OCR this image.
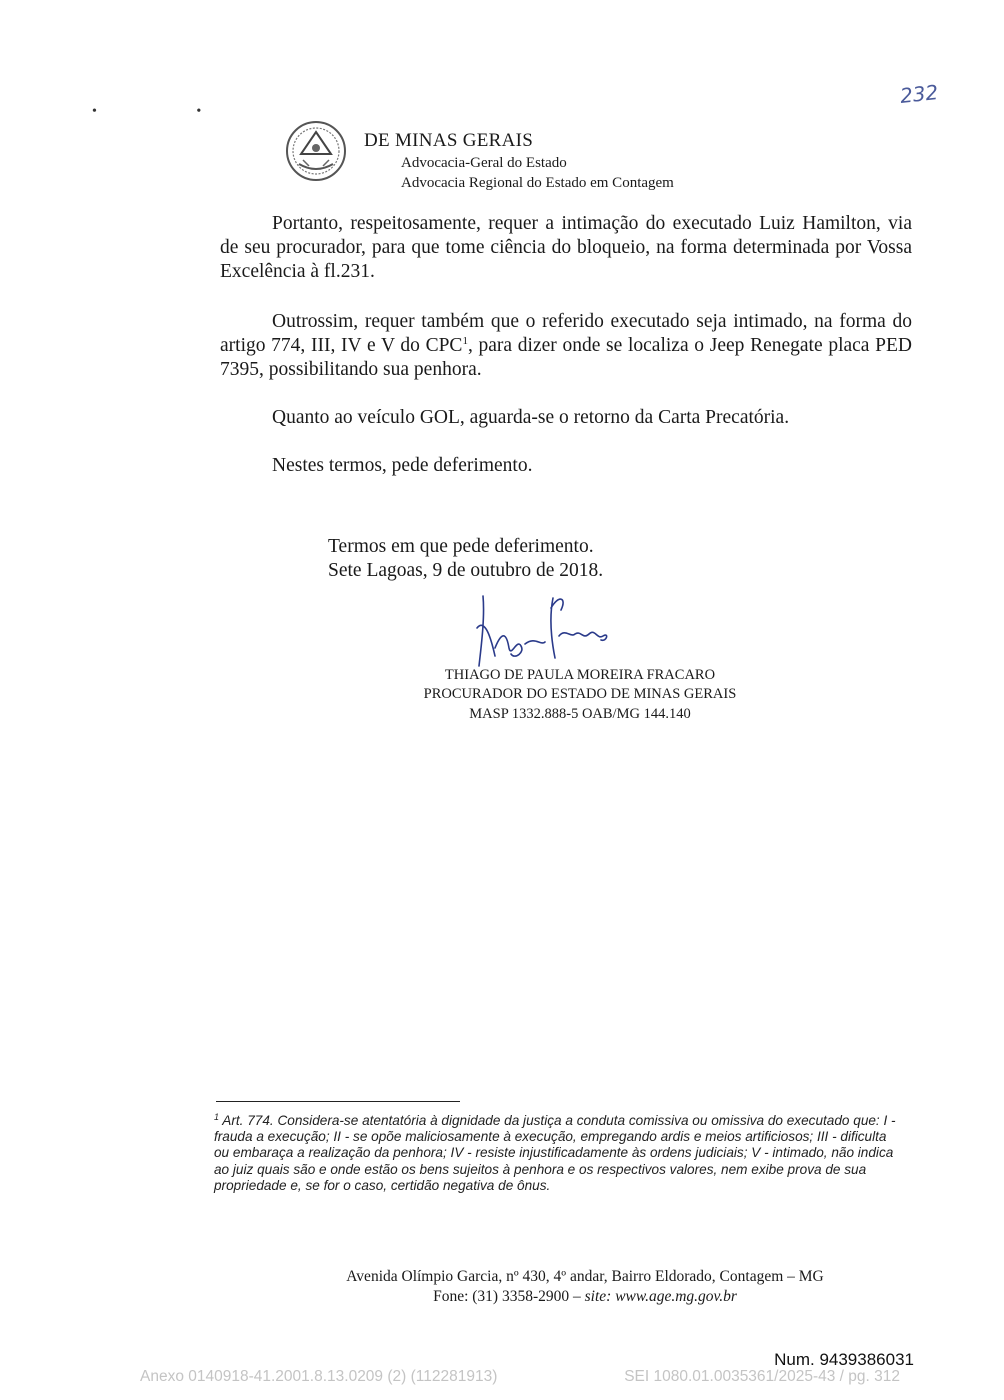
• •
232
DE MINAS GERAIS
Advocacia-Geral do Estado
Advocacia Regional do Estado em Contagem
Portanto, respeitosamente, requer a intimação do executado Luiz Hamilton, via de seu procurador, para que tome ciência do bloqueio, na forma determinada por Vossa Excelência à fl.231.
Outrossim, requer também que o referido executado seja intimado, na forma do artigo 774, III, IV e V do CPC$^1$, para dizer onde se localiza o Jeep Renegate placa PED 7395, possibilitando sua penhora.
Quanto ao veículo GOL, aguarda-se o retorno da Carta Precatória.
Nestes termos, pede deferimento.
Termos em que pede deferimento.
Sete Lagoas, 9 de outubro de 2018.
THIAGO DE PAULA MOREIRA FRACARO
PROCURADOR DO ESTADO DE MINAS GERAIS
MASP 1332.888-5 OAB/MG 144.140
$^1$ Art. 774. Considera-se atentatória à dignidade da justiça a conduta comissiva ou omissiva do executado que: I - frauda a execução; II - se opõe maliciosamente à execução, empregando ardis e meios artificiosos; III - dificulta ou embaraça a realização da penhora; IV - resiste injustificadamente às ordens judiciais; V - intimado, não indica ao juiz quais são e onde estão os bens sujeitos à penhora e os respectivos valores, nem exibe prova de sua propriedade e, se for o caso, certidão negativa de ônus.
Avenida Olímpio Garcia, nº 430, 4º andar, Bairro Eldorado, Contagem – MG
Fone: (31) 3358-2900 – site: www.age.mg.gov.br
Num. 9439386031
Anexo 0140918-41.2001.8.13.0209 (2) (112281913)	SEI 1080.01.0035361/2025-43 / pg. 312
